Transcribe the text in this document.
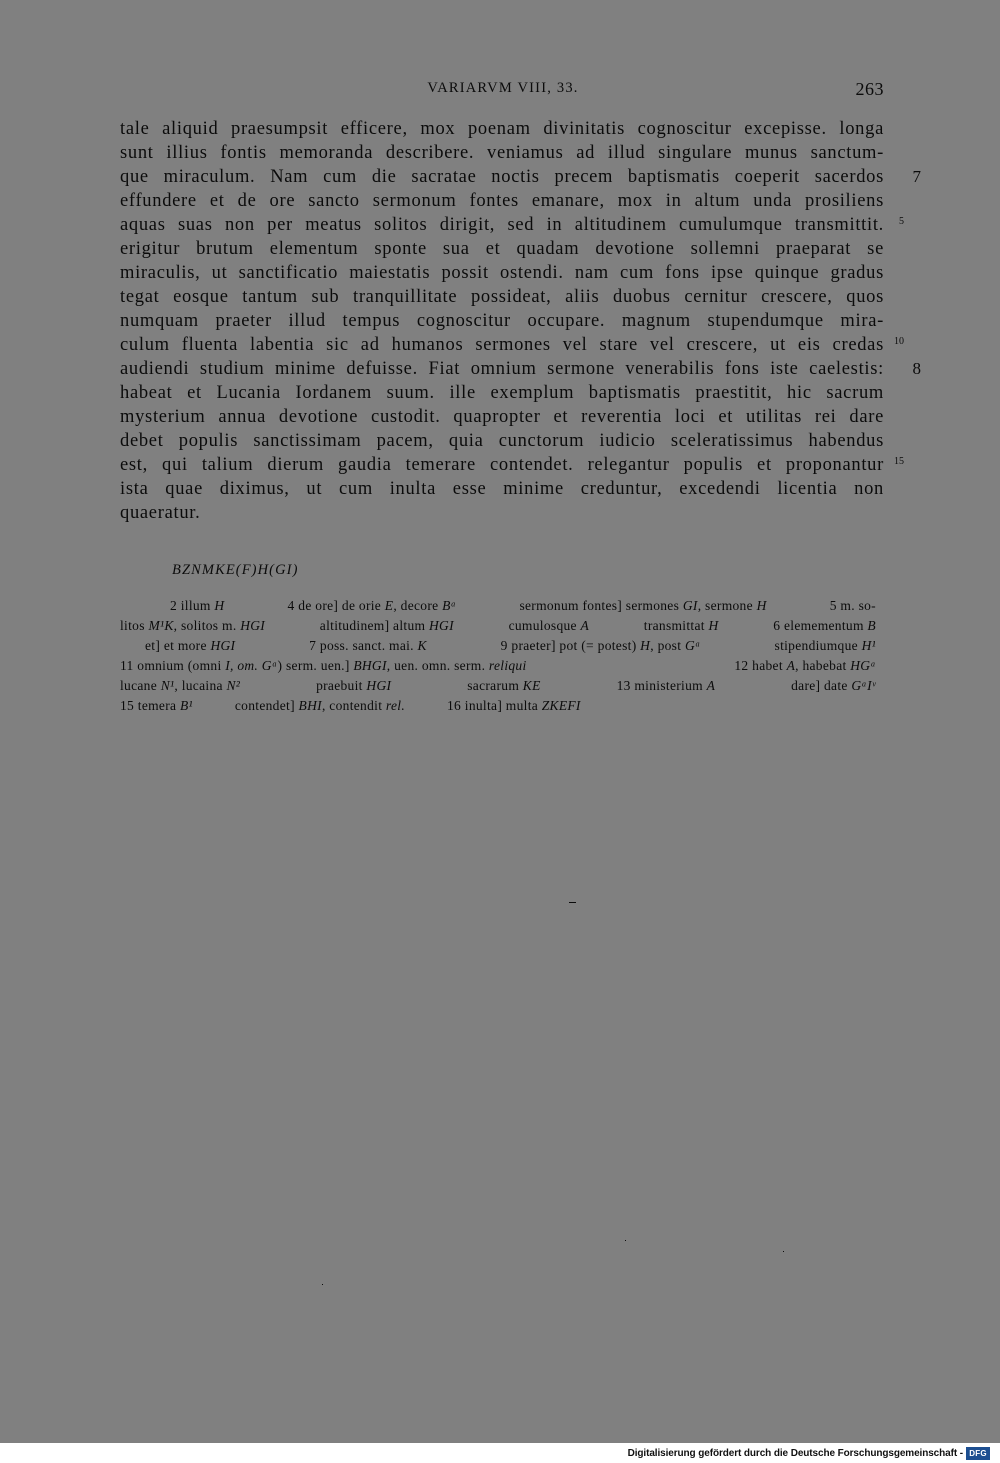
VARIARVM VIII, 33.	263
tale aliquid praesumpsit efficere, mox poenam divinitatis cognoscitur excepisse. longa
sunt illius fontis memoranda describere. veniamus ad illud singulare munus sanctum-
que miraculum. Nam cum die sacratae noctis precem baptismatis coeperit sacerdos 7
effundere et de ore sancto sermonum fontes emanare, mox in altum unda prosiliens
aquas suas non per meatus solitos dirigit, sed in altitudinem cumulumque transmittit. 5
erigitur brutum elementum sponte sua et quadam devotione sollemni praeparat se
miraculis, ut sanctificatio maiestatis possit ostendi. nam cum fons ipse quinque gradus
tegat eosque tantum sub tranquillitate possideat, aliis duobus cernitur crescere, quos
numquam praeter illud tempus cognoscitur occupare. magnum stupendumque mira-
culum fluenta labentia sic ad humanos sermones vel stare vel crescere, ut eis credas 10
audiendi studium minime defuisse. Fiat omnium sermone venerabilis fons iste caelestis: 8
habeat et Lucania Iordanem suum. ille exemplum baptismatis praestitit, hic sacrum
mysterium annua devotione custodit. quapropter et reverentia loci et utilitas rei dare
debet populis sanctissimam pacem, quia cunctorum iudicio sceleratissimus habendus
est, qui talium dierum gaudia temerare contendet. relegantur populis et proponantur 15
ista quae diximus, ut cum inulta esse minime creduntur, excedendi licentia non
quaeratur.
BZNMKE(F)H(GI)
2 illum H	4 de ore] de orie E, decore Bᵃ	sermonum fontes] sermones GI, sermone H	5 m. so-
litos M¹K, solitos m. HGI	altitudinem] altum HGI	cumulosque A	transmittat H	6 elemementum B
et] et more HGI	7 poss. sanct. mai. K	9 praeter] pot (= potest) H, post Gᵃ	stipendiumque H¹
11 omnium (omni I, om. Gᵃ) serm. uen.] BHGI, uen. omn. serm. reliqui	12 habet A, habebat HGᵃ
lucane N¹, lucaina N²	praebuit HGI	sacrarum KE	13 ministerium A	dare] date GᵃIᵛ
15 temera B¹	contendet] BHI, contendit rel.	16 inulta] multa ZKEFI
Digitalisierung gefördert durch die Deutsche Forschungsgemeinschaft - DFG
